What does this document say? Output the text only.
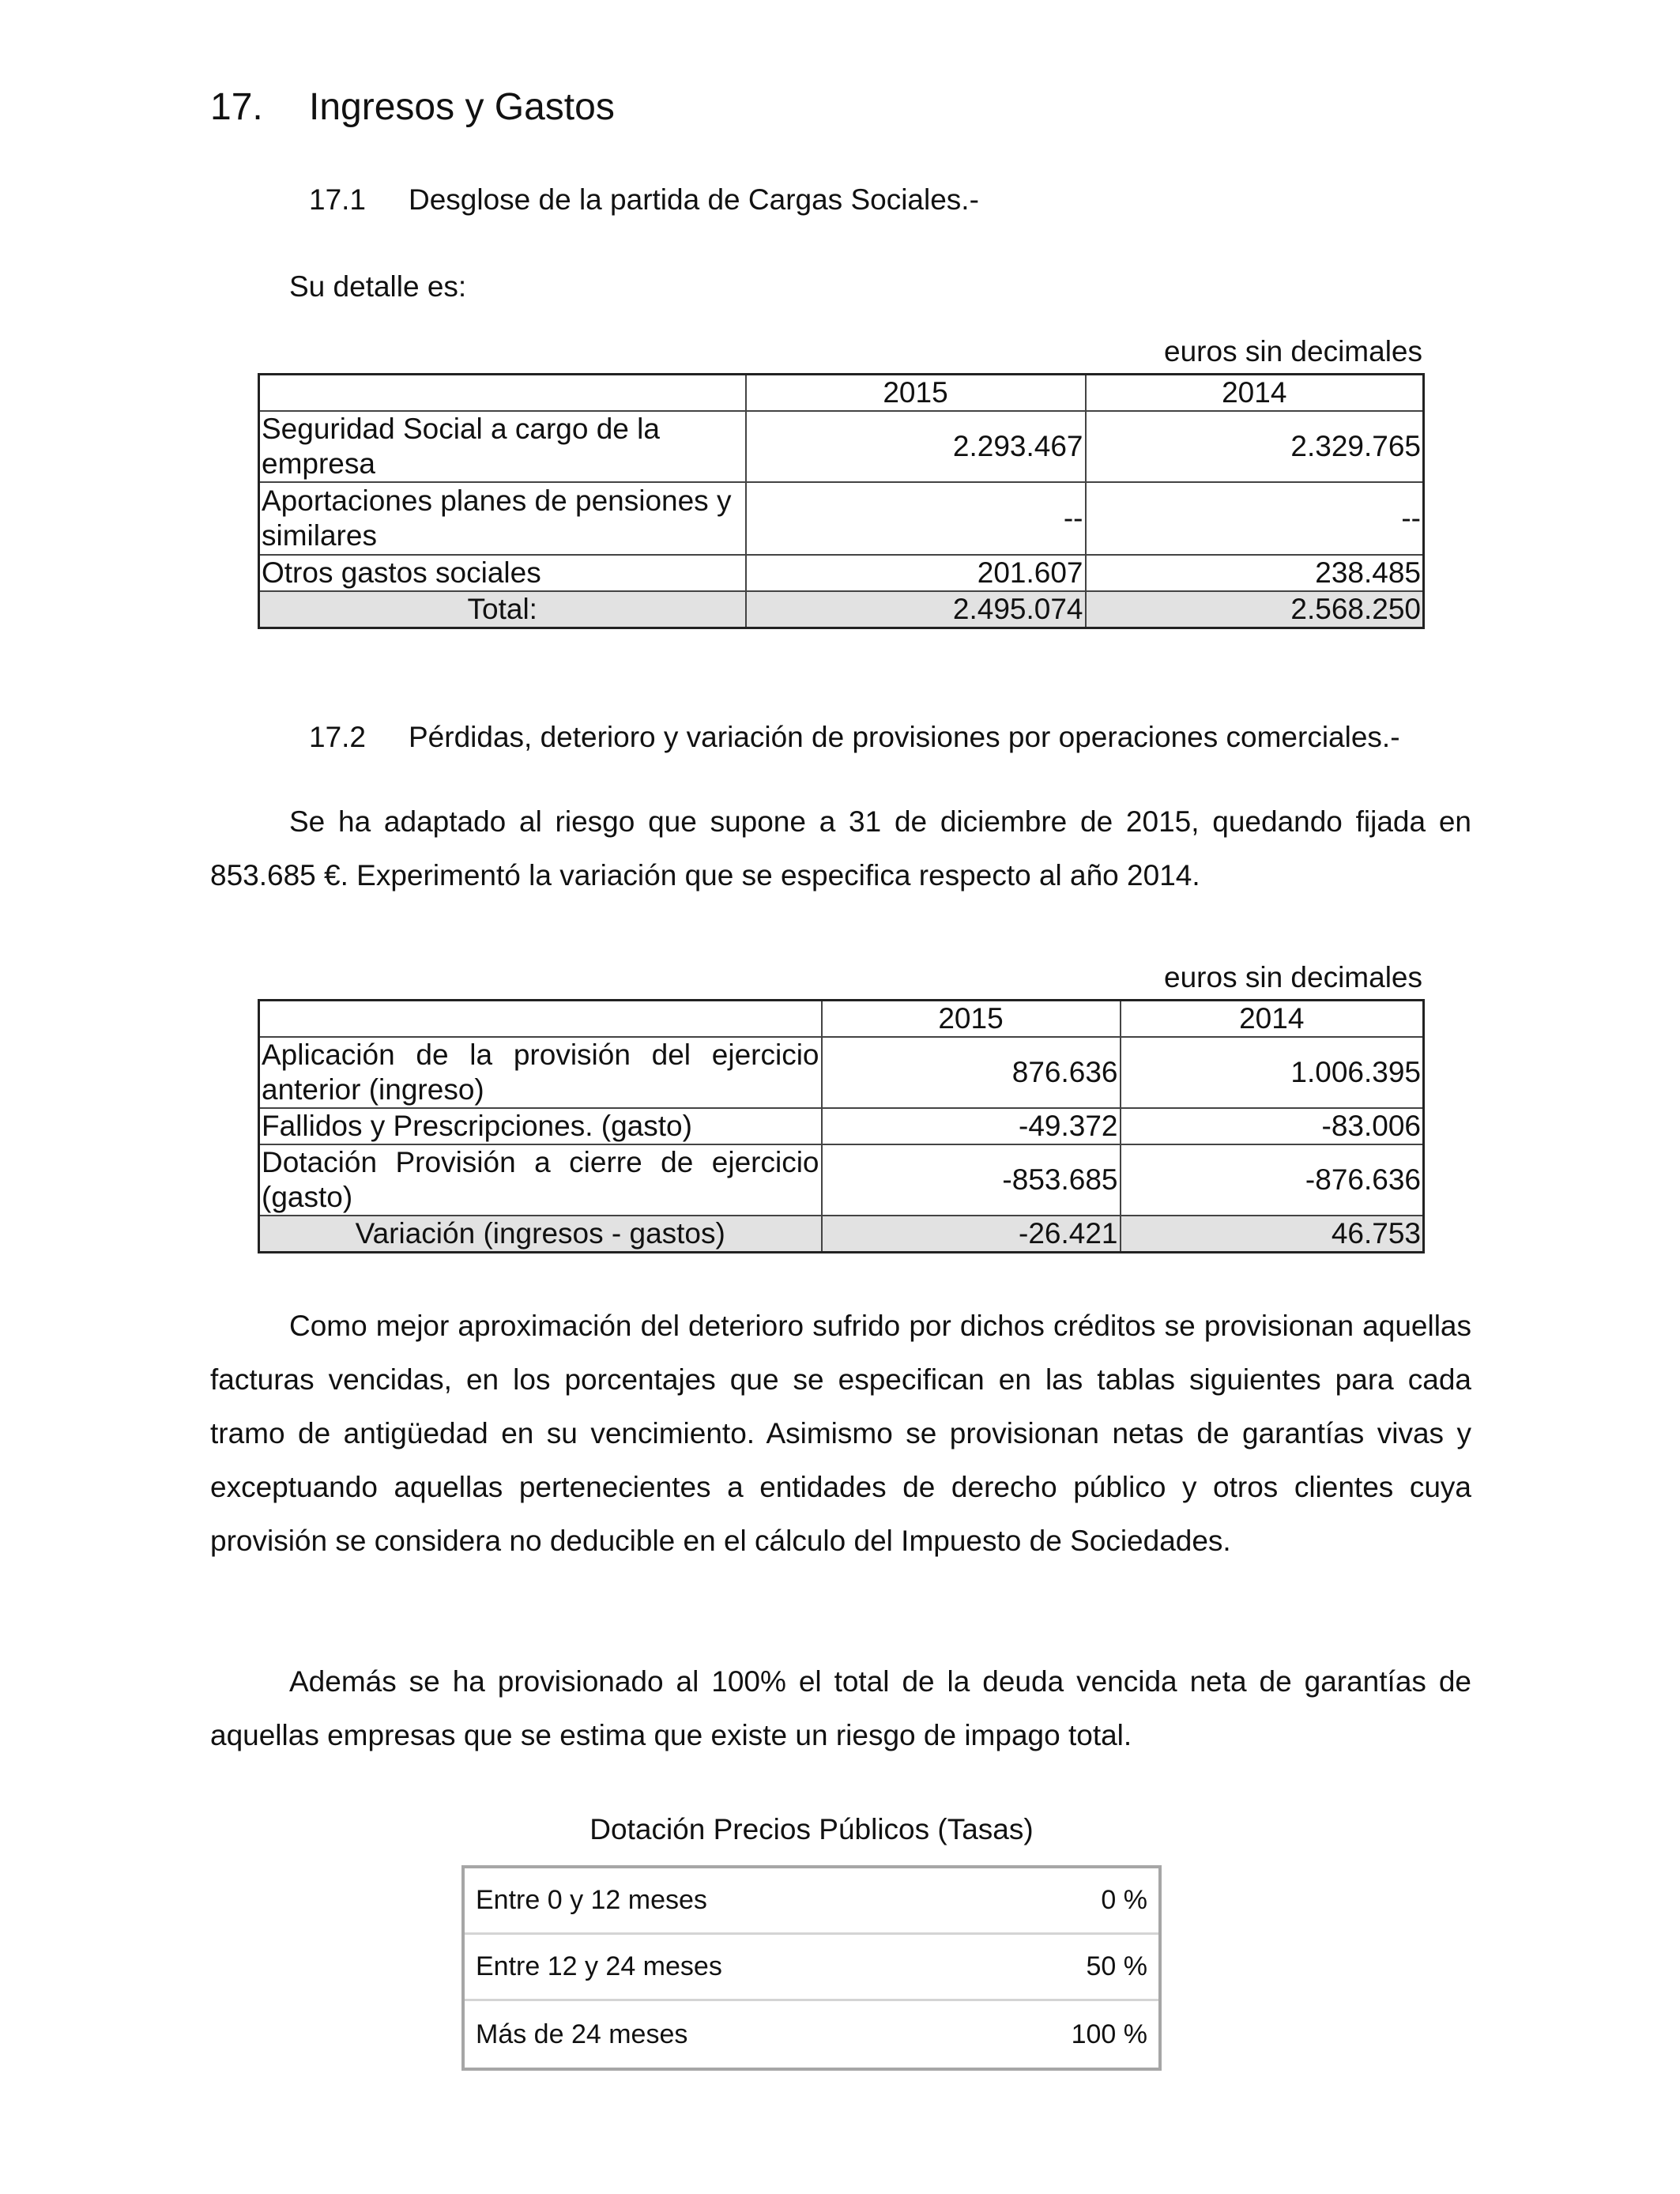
17. Ingresos y Gastos
17.1 Desglose de la partida de Cargas Sociales.-
Su detalle es:
euros sin decimales
	2015	2014
Seguridad Social a cargo de la empresa	2.293.467	2.329.765
Aportaciones planes de pensiones y similares	--	--
Otros gastos sociales	201.607	238.485
Total:	2.495.074	2.568.250
17.2 Pérdidas, deterioro y variación de provisiones por operaciones comerciales.-
Se ha adaptado al riesgo que supone a 31 de diciembre de 2015, quedando fijada en 853.685 €. Experimentó la variación que se especifica respecto al año 2014.
euros sin decimales
	2015	2014
Aplicación de la provisión del ejercicio anterior (ingreso)	876.636	1.006.395
Fallidos y Prescripciones. (gasto)	-49.372	-83.006
Dotación Provisión a cierre de ejercicio (gasto)	-853.685	-876.636
Variación (ingresos - gastos)	-26.421	46.753
Como mejor aproximación del deterioro sufrido por dichos créditos se provisionan aquellas facturas vencidas, en los porcentajes que se especifican en las tablas siguientes para cada tramo de antigüedad en su vencimiento. Asimismo se provisionan netas de garantías vivas y exceptuando aquellas pertenecientes a entidades de derecho público y otros clientes cuya provisión se considera no deducible en el cálculo del Impuesto de Sociedades.
Además se ha provisionado al 100% el total de la deuda vencida neta de garantías de aquellas empresas que se estima que existe un riesgo de impago total.
Dotación Precios Públicos (Tasas)
Entre 0 y 12 meses	0 %
Entre 12 y 24 meses	50 %
Más de 24 meses	100 %
